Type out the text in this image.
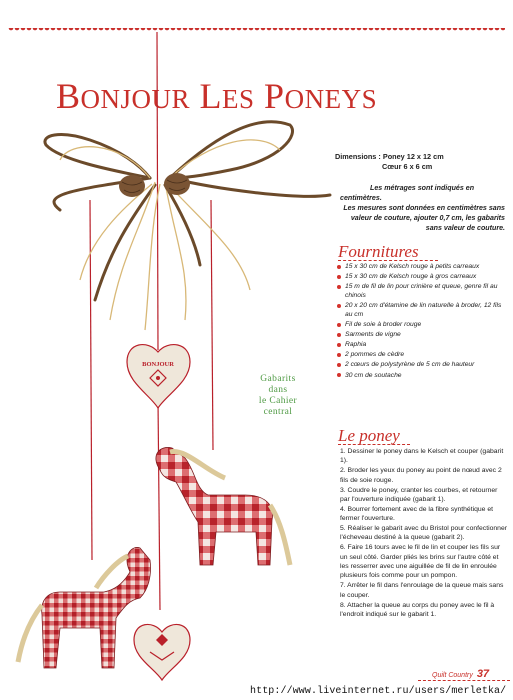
BONJOUR LES PONEYS
BONJOUR
Dimensions : Poney 12 x 12 cm
Cœur 6 x 6 cm
Les métrages sont indiqués en centimètres.
Les mesures sont données en centimètres sans valeur de couture, ajouter 0,7 cm, les gabarits sans valeur de couture.
Fournitures
15 x 30 cm de Kelsch rouge à petits carreaux
15 x 30 cm de Kelsch rouge à gros carreaux
15 m de fil de lin pour crinière et queue, genre fil au chinois
20 x 20 cm d'étamine de lin naturelle à broder, 12 fils au cm
Fil de soie à broder rouge
Sarments de vigne
Raphia
2 pommes de cèdre
2 cœurs de polystyrène de 5 cm de hauteur
30 cm de soutache
Gabarits
dans
le Cahier
central
Le poney
1. Dessiner le poney dans le Kelsch et couper (gabarit 1).
2. Broder les yeux du poney au point de nœud avec 2 fils de soie rouge.
3. Coudre le poney, cranter les courbes, et retourner par l'ouverture indiquée (gabarit 1).
4. Bourrer fortement avec de la fibre synthétique et fermer l'ouverture.
5. Réaliser le gabarit avec du Bristol pour confectionner l'écheveau destiné à la queue (gabarit 2).
6. Faire 16 tours avec le fil de lin et couper les fils sur un seul côté. Garder pliés les brins sur l'autre côté et les resserrer avec une aiguillée de fil de lin enroulée plusieurs fois comme pour un pompon.
7. Arrêter le fil dans l'enroulage de la queue mais sans le couper.
8. Attacher la queue au corps du poney avec le fil à l'endroit indiqué sur le gabarit 1.
Quilt Country 37
http://www.liveinternet.ru/users/merletka/
